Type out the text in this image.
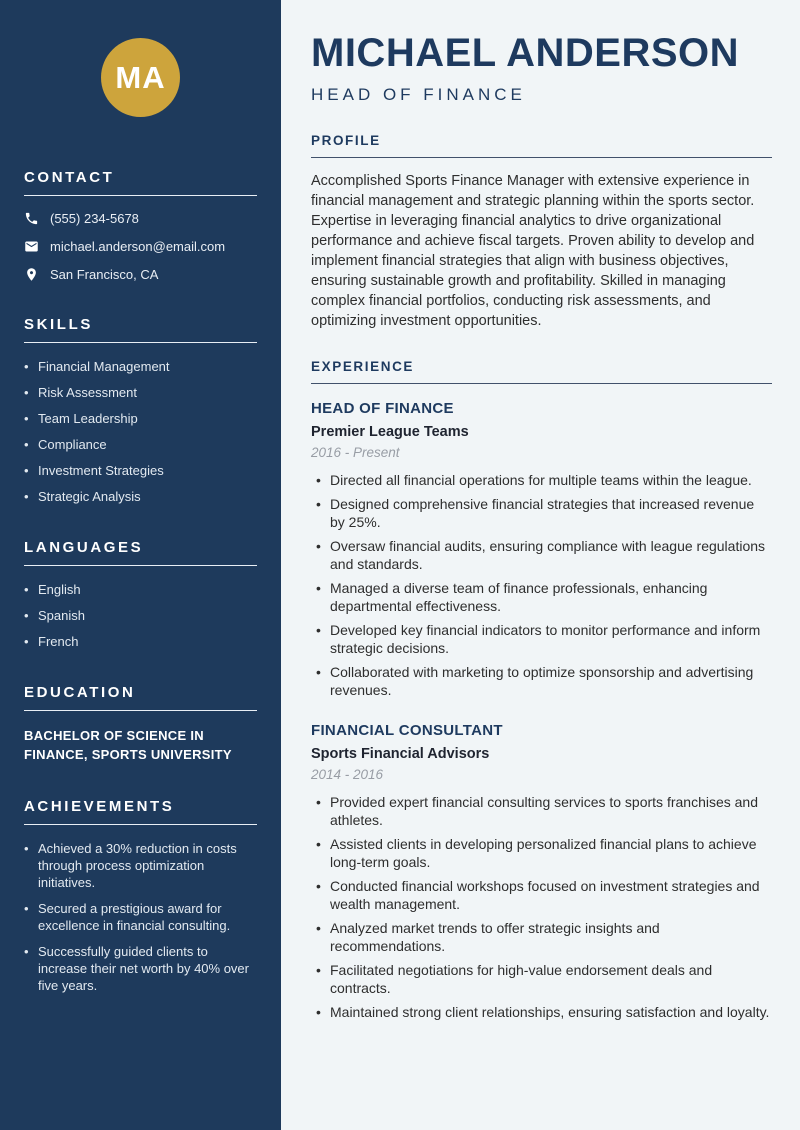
MA
CONTACT
(555) 234-5678
michael.anderson@email.com
San Francisco, CA
SKILLS
• Financial Management
• Risk Assessment
• Team Leadership
• Compliance
• Investment Strategies
• Strategic Analysis
LANGUAGES
• English
• Spanish
• French
EDUCATION
BACHELOR OF SCIENCE IN FINANCE, SPORTS UNIVERSITY
ACHIEVEMENTS
• Achieved a 30% reduction in costs through process optimization initiatives.
• Secured a prestigious award for excellence in financial consulting.
• Successfully guided clients to increase their net worth by 40% over five years.
MICHAEL ANDERSON
HEAD OF FINANCE
PROFILE

Accomplished Sports Finance Manager with extensive experience in financial management and strategic planning within the sports sector. Expertise in leveraging financial analytics to drive organizational performance and achieve fiscal targets. Proven ability to develop and implement financial strategies that align with business objectives, ensuring sustainable growth and profitability. Skilled in managing complex financial portfolios, conducting risk assessments, and optimizing investment opportunities.

EXPERIENCE
HEAD OF FINANCE
Premier League Teams
2016 - Present
• Directed all financial operations for multiple teams within the league.
• Designed comprehensive financial strategies that increased revenue by 25%.
• Oversaw financial audits, ensuring compliance with league regulations and standards.
• Managed a diverse team of finance professionals, enhancing departmental effectiveness.
• Developed key financial indicators to monitor performance and inform strategic decisions.
• Collaborated with marketing to optimize sponsorship and advertising revenues.
FINANCIAL CONSULTANT
Sports Financial Advisors
2014 - 2016
• Provided expert financial consulting services to sports franchises and athletes.
• Assisted clients in developing personalized financial plans to achieve long-term goals.
• Conducted financial workshops focused on investment strategies and wealth management.
• Analyzed market trends to offer strategic insights and recommendations.
• Facilitated negotiations for high-value endorsement deals and contracts.
• Maintained strong client relationships, ensuring satisfaction and loyalty.
